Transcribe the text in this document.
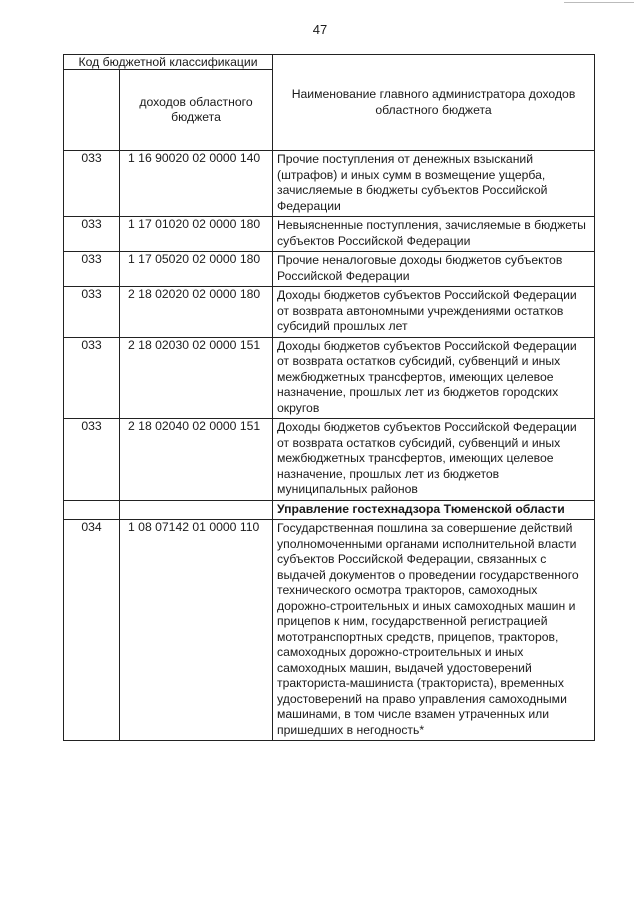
47
Код бюджетной классификации		Наименование главного администратора доходов областного бюджета
	доходов областного бюджета	
033	1 16 90020 02 0000 140	Прочие поступления от денежных взысканий (штрафов) и иных сумм в возмещение ущерба, зачисляемые в бюджеты субъектов Российской Федерации
033	1 17 01020 02 0000 180	Невыясненные поступления, зачисляемые в бюджеты субъектов Российской Федерации
033	1 17 05020 02 0000 180	Прочие неналоговые доходы бюджетов субъектов Российской Федерации
033	2 18 02020 02 0000 180	Доходы бюджетов субъектов Российской Федерации от возврата автономными учреждениями остатков субсидий прошлых лет
033	2 18 02030 02 0000 151	Доходы бюджетов субъектов Российской Федерации от возврата остатков субсидий, субвенций и иных межбюджетных трансфертов, имеющих целевое назначение, прошлых лет из бюджетов городских округов
033	2 18 02040 02 0000 151	Доходы бюджетов субъектов Российской Федерации от возврата остатков субсидий, субвенций и иных межбюджетных трансфертов, имеющих целевое назначение, прошлых лет из бюджетов муниципальных районов
		Управление гостехнадзора Тюменской области
034	1 08 07142 01 0000 110	Государственная пошлина за совершение действий уполномоченными органами исполнительной власти субъектов Российской Федерации, связанных с выдачей документов о проведении государственного технического осмотра тракторов, самоходных дорожно-строительных и иных самоходных машин и прицепов к ним, государственной регистрацией мототранспортных средств, прицепов, тракторов, самоходных дорожно-строительных и иных самоходных машин, выдачей удостоверений тракториста-машиниста (тракториста), временных удостоверений на право управления самоходными машинами, в том числе взамен утраченных или пришедших в негодность*
